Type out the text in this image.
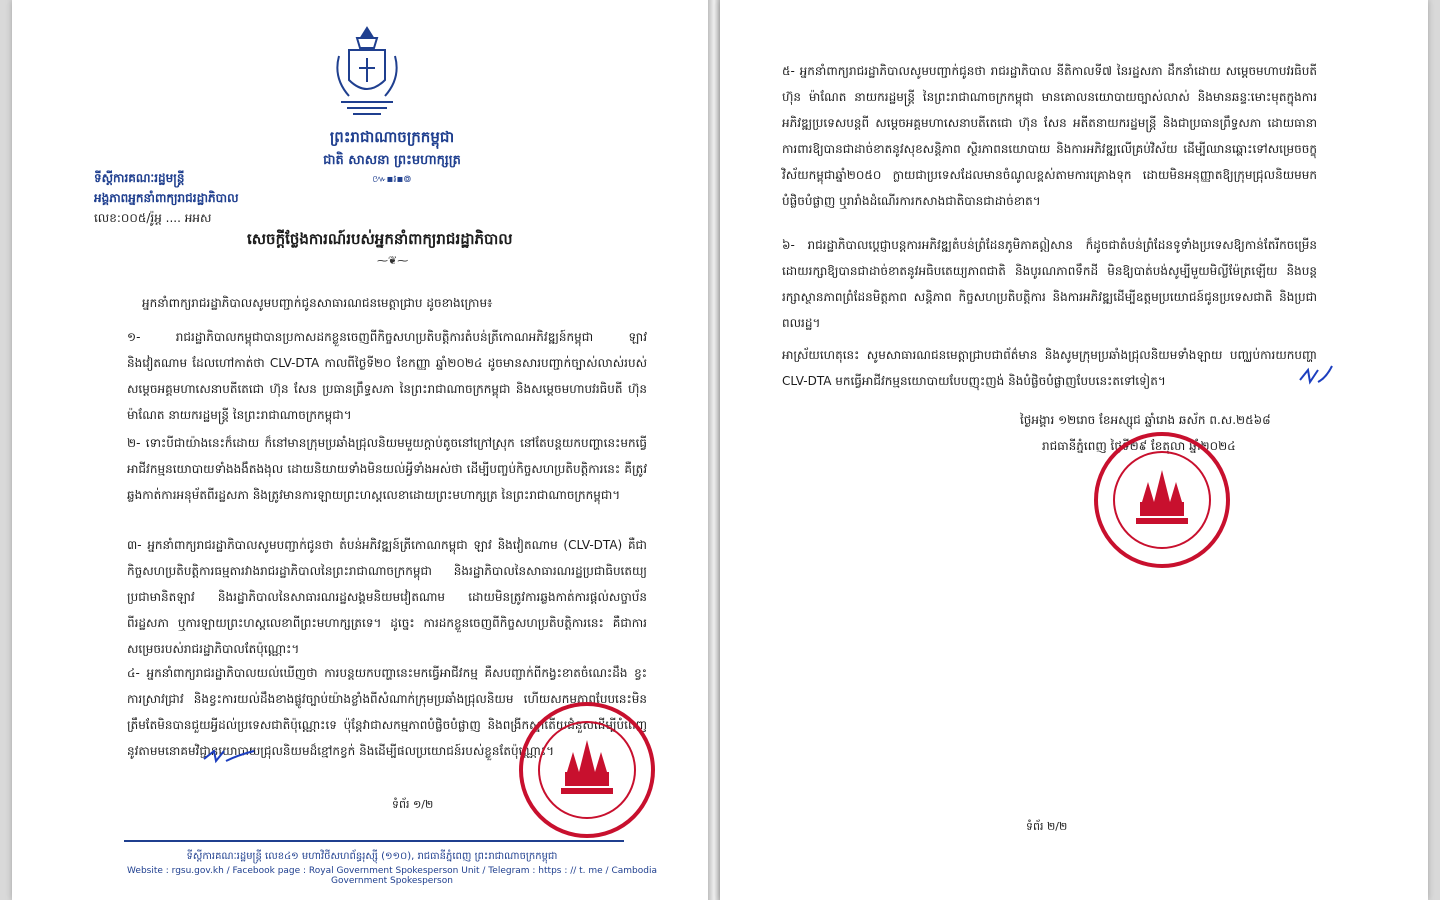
ព្រះរាជាណាចក្រកម្ពុជា
ជាតិ សាសនា ព្រះមហាក្សត្រ
៚▪៛▪៙
ទីស្តីការគណៈរដ្ឋមន្ត្រី
អង្គភាពអ្នកនាំពាក្យរាជរដ្ឋាភិបាល
លេខ:០០៥/រ៉ូអ្ត .... អអស
សេចក្តីថ្លែងការណ៍របស់អ្នកនាំពាក្យរាជរដ្ឋាភិបាល
⁓❦⁓
អ្នកនាំពាក្យរាជរដ្ឋាភិបាលសូមបញ្ជាក់ជូនសាធារណជនមេត្តាជ្រាប ដូចខាងក្រោម៖
១- រាជរដ្ឋាភិបាលកម្ពុជាបានប្រកាសដកខ្លួនចេញពីកិច្ចសហប្រតិបត្តិការតំបន់ត្រីកោណអភិវឌ្ឍន៍កម្ពុជា ឡាវ និងវៀតណាម ដែលហៅកាត់ថា CLV-DTA កាលពីថ្ងៃទី២០ ខែកញ្ញា ឆ្នាំ២០២៤ ដូចមានសារបញ្ជាក់ច្បាស់លាស់របស់ សម្តេចអគ្គមហាសេនាបតីតេជោ ហ៊ុន សែន ប្រធានព្រឹទ្ធសភា នៃព្រះរាជាណាចក្រកម្ពុជា និងសម្តេចមហាបវរធិបតី ហ៊ុន ម៉ាណែត នាយករដ្ឋមន្ត្រី នៃព្រះរាជាណាចក្រកម្ពុជា។
២- ទោះបីជាយ៉ាងនេះក៏ដោយ ក៏នៅមានក្រុមប្រឆាំងជ្រុលនិយមមួយក្តាប់តូចនៅក្រៅស្រុក នៅតែបន្តយកបញ្ហានេះមកធ្វើអាជីវកម្មនយោបាយទាំងងងឹតងងុល ដោយនិយាយទាំងមិនយល់អ្វីទាំងអស់ថា ដើម្បីបញ្ចប់កិច្ចសហប្រតិបត្តិការនេះ គឺត្រូវឆ្លងកាត់ការអនុម័តពីរដ្ឋសភា និងត្រូវមានការឡាយព្រះហស្តលេខាដោយព្រះមហាក្សត្រ នៃព្រះរាជាណាចក្រកម្ពុជា។
៣- អ្នកនាំពាក្យរាជរដ្ឋាភិបាលសូមបញ្ជាក់ជូនថា តំបន់អភិវឌ្ឍន៍ត្រីកោណកម្ពុជា ឡាវ និងវៀតណាម (CLV-DTA) គឺជាកិច្ចសហប្រតិបត្តិការធម្មតារវាងរាជរដ្ឋាភិបាលនៃព្រះរាជាណាចក្រកម្ពុជា និងរដ្ឋាភិបាលនៃសាធារណរដ្ឋប្រជាធិបតេយ្យប្រជាមានិតឡាវ និងរដ្ឋាភិបាលនៃសាធារណរដ្ឋសង្គមនិយមវៀតណាម ដោយមិនត្រូវការឆ្លងកាត់ការផ្តល់សច្ចាប័នពីរដ្ឋសភា ឬការឡាយព្រះហស្តលេខាពីព្រះមហាក្សត្រទេ។ ដូច្នេះ ការដកខ្លួនចេញពីកិច្ចសហប្រតិបត្តិការនេះ គឺជាការសម្រេចរបស់រាជរដ្ឋាភិបាលតែប៉ុណ្ណោះ។
៤- អ្នកនាំពាក្យរាជរដ្ឋាភិបាលយល់ឃើញថា ការបន្តយកបញ្ហានេះមកធ្វើអាជីវកម្ម គឺសបញ្ជាក់ពីកង្វះខាតចំណេះដឹង ខ្វះការស្រាវជ្រាវ និងខ្វះការយល់ដឹងខាងផ្លូវច្បាប់យ៉ាងខ្លាំងពីសំណាក់ក្រុមប្រឆាំងជ្រុលនិយម ហើយសកម្មភាពបែបនេះមិនត្រឹមតែមិនបានជួយអ្វីដល់ប្រទេសជាតិប៉ុណ្ណោះទេ ប៉ុន្តែវាជាសកម្មភាពបំផ្លិចបំផ្លាញ និងពង្រីកស្នាតើយជំនួសដើម្បីបំពេញនូវតាមមនោគមវិជ្ជានយោបាយជ្រុលនិយមដ៏ខ្មៅកខ្វក់ និងដើម្បីផលប្រយោជន៍របស់ខ្លួនតែប៉ុណ្ណោះ។
ទំព័រ ១/២
ទីស្តីការគណៈរដ្ឋមន្ត្រី លេខ៤១ មហាវិថីសហព័ន្ធរុស្ស៊ី (១១០), រាជធានីភ្នំពេញ ព្រះរាជាណាចក្រកម្ពុជា
Website : rgsu.gov.kh / Facebook page : Royal Government Spokesperson Unit / Telegram : https : // t. me / Cambodia Government Spokesperson
៥- អ្នកនាំពាក្យរាជរដ្ឋាភិបាលសូមបញ្ជាក់ជូនថា រាជរដ្ឋាភិបាល នីតិកាលទី៧ នៃរដ្ឋសភា ដឹកនាំដោយ សម្តេចមហាបវរធិបតី ហ៊ុន ម៉ាណែត នាយករដ្ឋមន្ត្រី នៃព្រះរាជាណាចក្រកម្ពុជា មានគោលនយោបាយច្បាស់លាស់ និងមានឆន្ទៈមោះមុតក្នុងការអភិវឌ្ឍប្រទេសបន្តពី សម្តេចអគ្គមហាសេនាបតីតេជោ ហ៊ុន សែន អតីតនាយករដ្ឋមន្ត្រី និងជាប្រធានព្រឹទ្ធសភា ដោយធានាការពារឱ្យបានជាដាច់ខាតនូវសុខសន្តិភាព ស្ថិរភាពនយោបាយ និងការអភិវឌ្ឍលើគ្រប់វិស័យ ដើម្បីឈានឆ្ពោះទៅសម្រេចចក្ខុវិស័យកម្ពុជាឆ្នាំ២០៥០ ក្លាយជាប្រទេសដែលមានចំណូលខ្ពស់តាមការគ្រោងទុក ដោយមិនអនុញ្ញាតឱ្យក្រុមជ្រុលនិយមមកបំផ្លិចបំផ្លាញ ឬរារាំងដំណើរការកសាងជាតិបានជាដាច់ខាត។
៦- រាជរដ្ឋាភិបាលប្តេជ្ញាបន្តការអភិវឌ្ឍតំបន់ព្រំដែនភូមិភាគឦសាន ក៏ដូចជាតំបន់ព្រំដែនទូទាំងប្រទេសឱ្យកាន់តែរីកចម្រើន ដោយរក្សាឱ្យបានជាដាច់ខាតនូវអធិបតេយ្យភាពជាតិ និងបូរណភាពទឹកដី មិនឱ្យបាត់បង់សូម្បីមួយមិល្លីម៉ែត្រឡើយ និងបន្តរក្សាស្ថានភាពព្រំដែនមិត្តភាព សន្តិភាព កិច្ចសហប្រតិបត្តិការ និងការអភិវឌ្ឍដើម្បីឧត្តមប្រយោជន៍ជូនប្រទេសជាតិ និងប្រជាពលរដ្ឋ។
អាស្រ័យហេតុនេះ សូមសាធារណជនមេត្តាជ្រាបជាព័ត៌មាន និងសូមក្រុមប្រឆាំងជ្រុលនិយមទាំងឡាយ បញ្ឈប់ការយកបញ្ហា CLV-DTA មកធ្វើអាជីវកម្មនយោបាយបែបញុះញង់ និងបំផ្លិចបំផ្លាញបែបនេះតទៅទៀត។
ថ្ងៃអង្គារ ១២រោច ខែអស្សុជ ឆ្នាំរោង ឆស័ក ព.ស.២៥៦៨
រាជធានីភ្នំពេញ ថ្ងៃទី២៩ ខែតុលា ឆ្នាំ២០២៤
ទំព័រ ២/២
